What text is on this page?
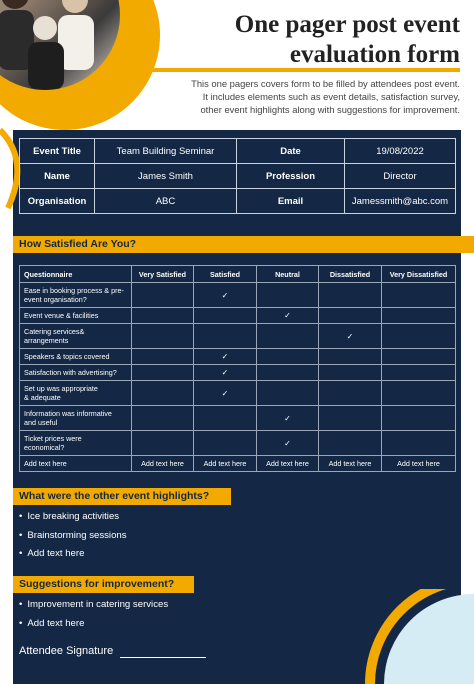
One pager post event
evaluation form
This one pagers covers form to be filled by attendees post event.
It includes elements such as event details, satisfaction survey,
other event highlights along with suggestions for improvement.
Event Title	Team Building Seminar	Date	19/08/2022
Name	James Smith	Profession	Director
Organisation	ABC	Email	Jamessmith@abc.com
How Satisfied Are You?
Questionnaire	Very Satisfied	Satisfied	Neutral	Dissatisfied	Very Dissatisfied
Ease in booking process & pre-
event organisation?		✓			
Event venue & facilities			✓		
Catering services&
arrangements				✓	
Speakers & topics covered		✓			
Satisfaction with advertising?		✓			
Set up was appropriate
& adequate		✓			
Information was informative
and useful			✓		
Ticket prices were
economical?			✓		
Add text here	Add text here	Add text here	Add text here	Add text here	Add text here
What were the other event highlights?
• Ice breaking activities
• Brainstorming sessions
• Add text here
Suggestions for improvement?
• Improvement in catering services
• Add text here
Attendee Signature
